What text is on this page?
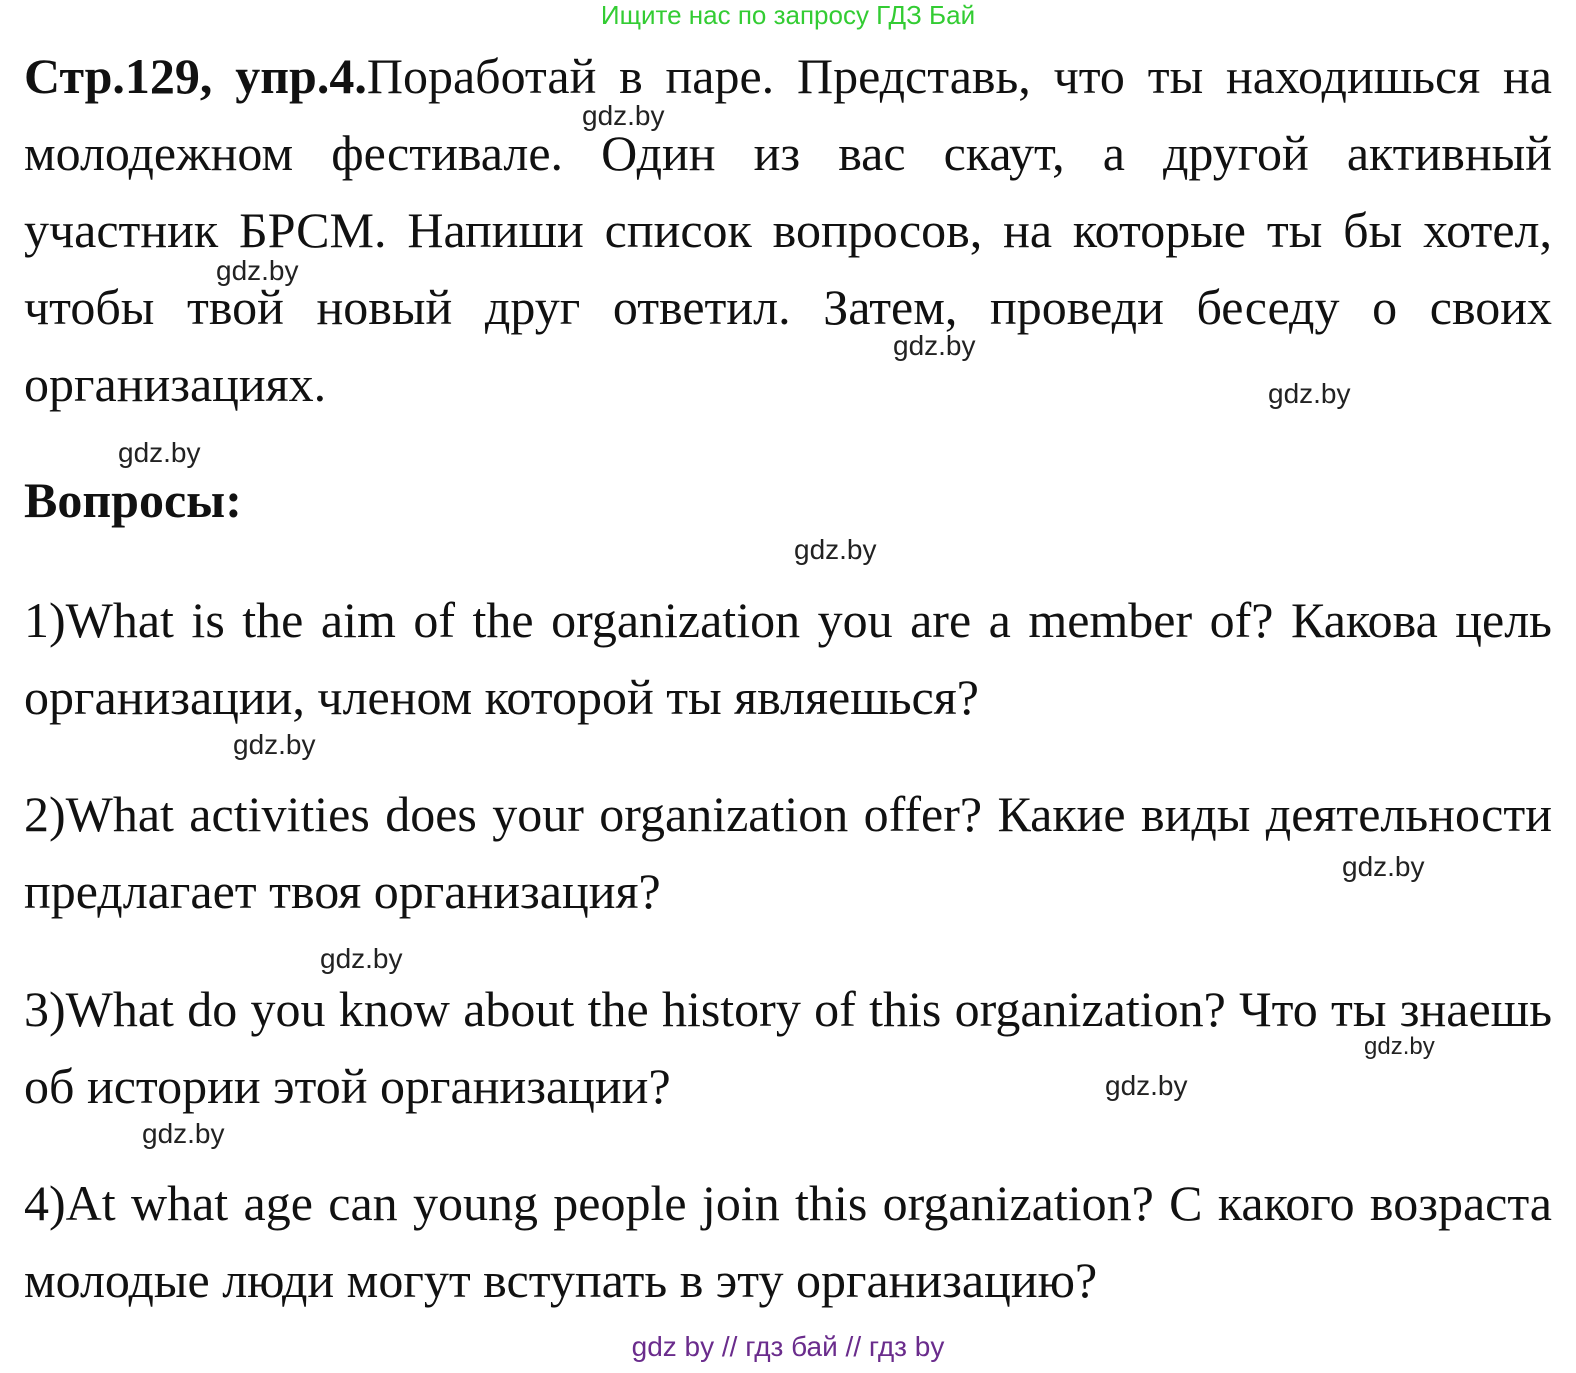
Ищите нас по запросу ГДЗ Бай
Стр.129, упр.4.Поработай в паре. Представь, что ты находишься на молодежном фестивале. Один из вас скаут, а другой активный участник БРСМ. Напиши список вопросов, на которые ты бы хотел, чтобы твой новый друг ответил. Затем, проведи беседу о своих организациях.
Вопросы:
1)What is the aim of the organization you are a member of? Какова цель организации, членом которой ты являешься?
2)What activities does your organization offer? Какие виды деятельности предлагает твоя организация?
3)What do you know about the history of this organization? Что ты знаешь об истории этой организации?
4)At what age can young people join this organization? С какого возраста молодые люди могут вступать в эту организацию?
gdz.by
gdz.by
gdz.by
gdz.by
gdz.by
gdz.by
gdz.by
gdz.by
gdz.by
gdz.by
gdz.by
gdz.by
gdz by // гдз бай // гдз by
